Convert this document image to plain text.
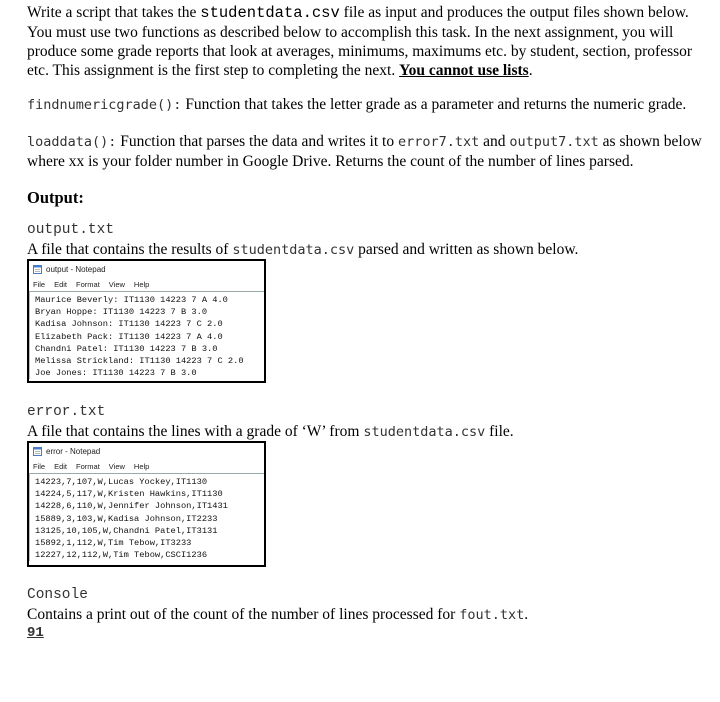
Write a script that takes the studentdata.csv file as input and produces the output files shown below. You must use two functions as described below to accomplish this task. In the next assignment, you will produce some grade reports that look at averages, minimums, maximums etc. by student, section, professor etc. This assignment is the first step to completing the next. You cannot use lists.

findnumericgrade(): Function that takes the letter grade as a parameter and returns the numeric grade.

loaddata(): Function that parses the data and writes it to error7.txt and output7.txt as shown below where xx is your folder number in Google Drive. Returns the count of the number of lines parsed.

Output:

output.txt

A file that contains the results of studentdata.csv parsed and written as shown below.

output - Notepad
File Edit Format View Help
Maurice Beverly: IT1130 14223 7 A 4.0
Bryan Hoppe: IT1130 14223 7 B 3.0
Kadisa Johnson: IT1130 14223 7 C 2.0
Elizabeth Pack: IT1130 14223 7 A 4.0
Chandni Patel: IT1130 14223 7 B 3.0
Melissa Strickland: IT1130 14223 7 C 2.0
Joe Jones: IT1130 14223 7 B 3.0

error.txt

A file that contains the lines with a grade of ‘W’ from studentdata.csv file.

error - Notepad
File Edit Format View Help
14223,7,107,W,Lucas Yockey,IT1130
14224,5,117,W,Kristen Hawkins,IT1130
14228,6,110,W,Jennifer Johnson,IT1431
15889,3,103,W,Kadisa Johnson,IT2233
13125,10,105,W,Chandni Patel,IT3131
15892,1,112,W,Tim Tebow,IT3233
12227,12,112,W,Tim Tebow,CSCI1236

Console

Contains a print out of the count of the number of lines processed for fout.txt.

91
